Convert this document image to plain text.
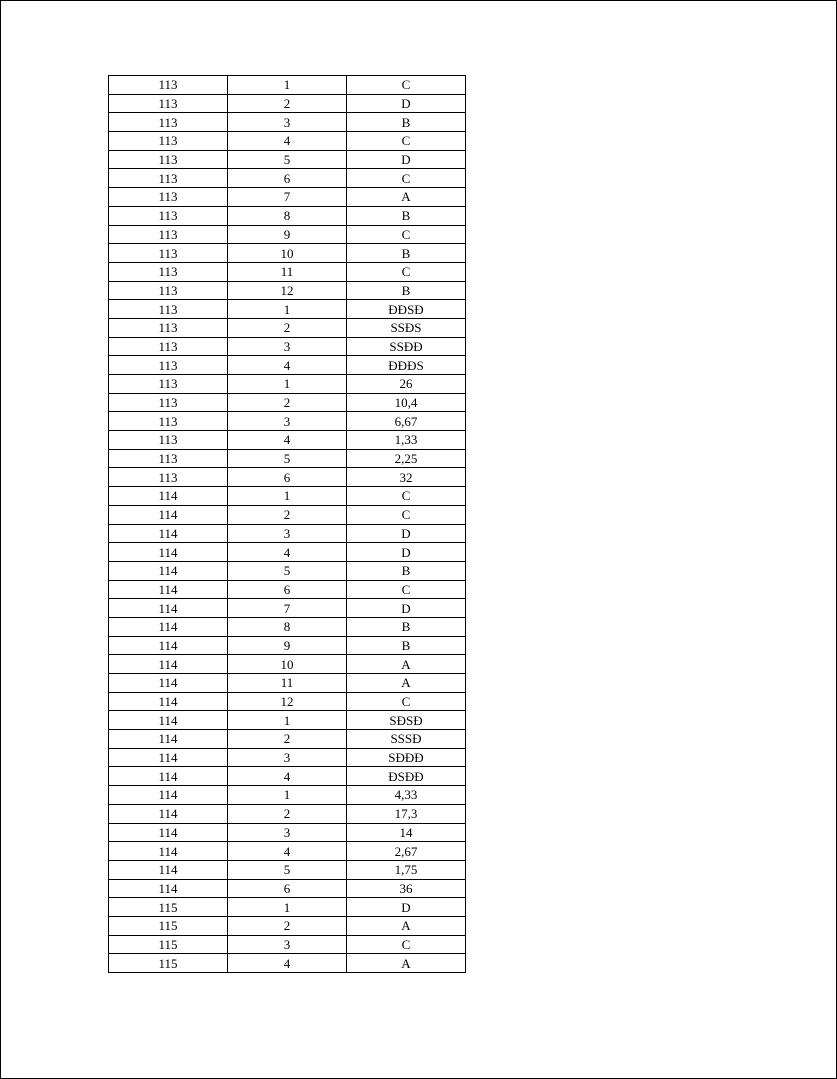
113	1	C
113	2	D
113	3	B
113	4	C
113	5	D
113	6	C
113	7	A
113	8	B
113	9	C
113	10	B
113	11	C
113	12	B
113	1	ĐĐSĐ
113	2	SSĐS
113	3	SSĐĐ
113	4	ĐĐĐS
113	1	26
113	2	10,4
113	3	6,67
113	4	1,33
113	5	2,25
113	6	32
114	1	C
114	2	C
114	3	D
114	4	D
114	5	B
114	6	C
114	7	D
114	8	B
114	9	B
114	10	A
114	11	A
114	12	C
114	1	SĐSĐ
114	2	SSSĐ
114	3	SĐĐĐ
114	4	ĐSĐĐ
114	1	4,33
114	2	17,3
114	3	14
114	4	2,67
114	5	1,75
114	6	36
115	1	D
115	2	A
115	3	C
115	4	A
